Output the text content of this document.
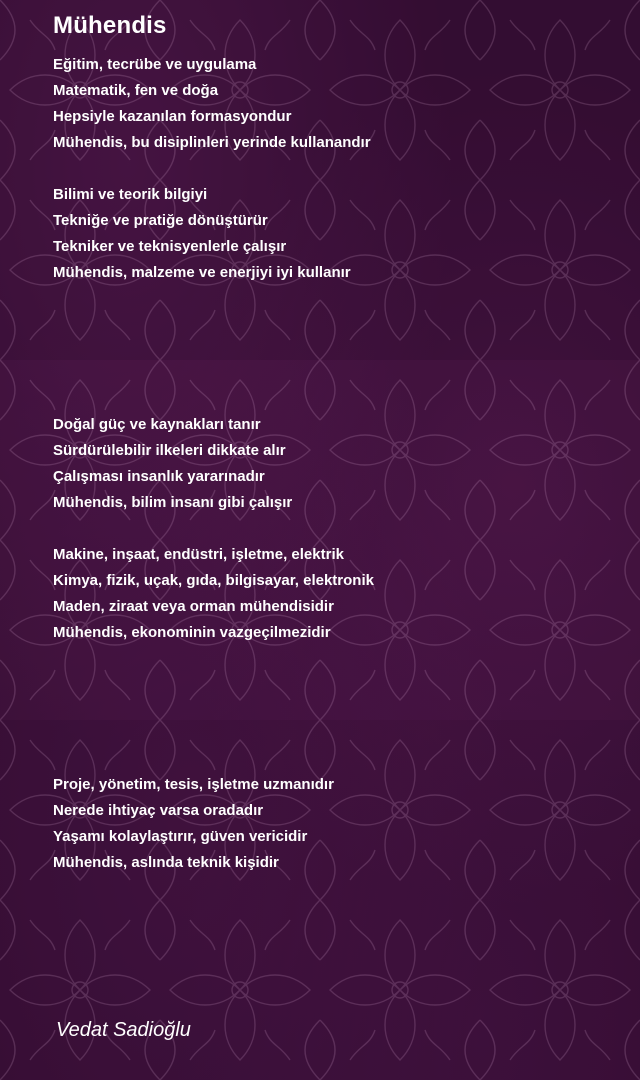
Mühendis
Eğitim, tecrübe ve uygulama
Matematik, fen ve doğa
Hepsiyle kazanılan formasyondur
Mühendis, bu disiplinleri yerinde kullanandır
Bilimi ve teorik bilgiyi
Tekniğe ve pratiğe dönüştürür
Tekniker ve teknisyenlerle çalışır
Mühendis, malzeme ve enerjiyi iyi kullanır
Doğal güç ve kaynakları tanır
Sürdürülebilir ilkeleri dikkate alır
Çalışması insanlık yararınadır
Mühendis, bilim insanı gibi çalışır
Makine, inşaat, endüstri, işletme, elektrik
Kimya, fizik, uçak, gıda, bilgisayar, elektronik
Maden, ziraat veya orman mühendisidir
Mühendis, ekonominin vazgeçilmezidir
Proje, yönetim, tesis, işletme uzmanıdır
Nerede ihtiyaç varsa oradadır
Yaşamı kolaylaştırır, güven vericidir
Mühendis, aslında teknik kişidir

Vedat Sadioğlu
